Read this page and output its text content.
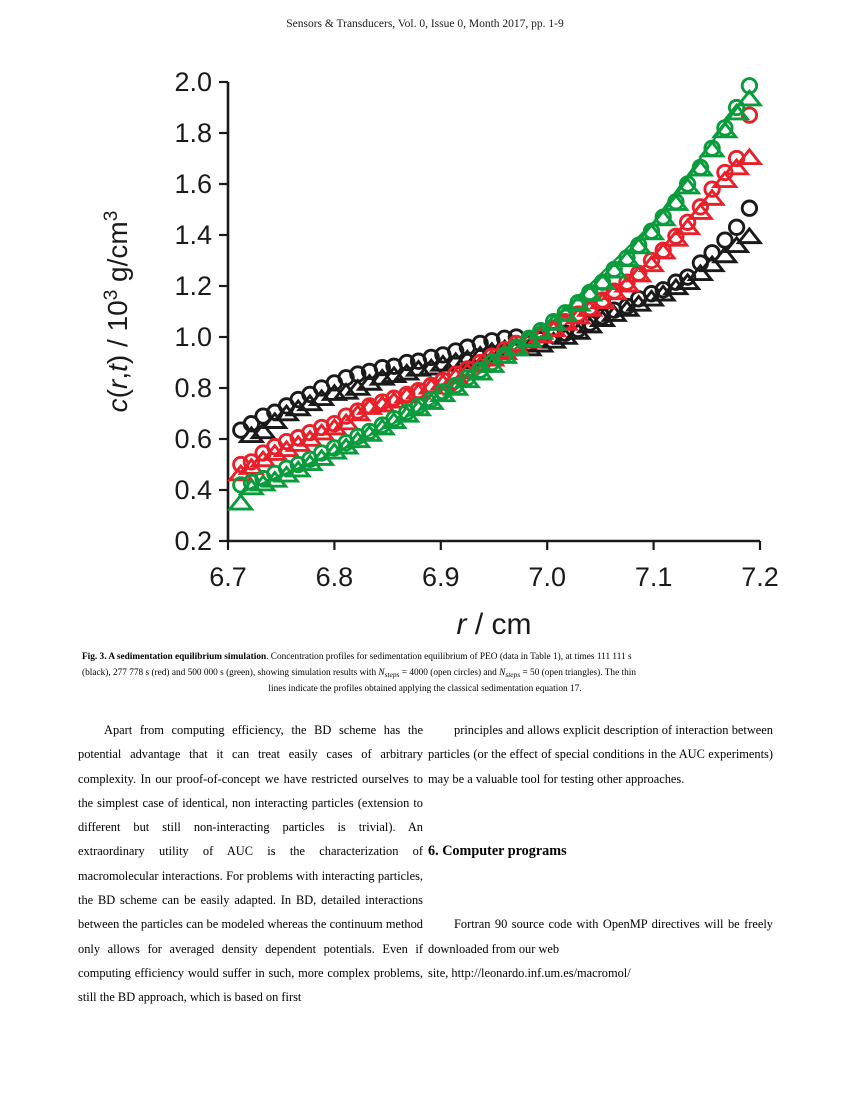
Sensors & Transducers, Vol. 0, Issue 0, Month 2017, pp. 1-9
0.2
0.4
0.6
0.8
1.0
1.2
1.4
1.6
1.8
2.0
6.7	6.8	6.9	7.0	7.1	7.2
r / cm
$c(r,t) / 10^3$ $g/cm^3$
Fig. 3. A sedimentation equilibrium simulation. Concentration profiles for sedimentation equilibrium of PEO (data in Table 1), at times 111 111 s
(black), 277 778 s (red) and 500 000 s (green), showing simulation results with $N_{steps} = 4000$ (open circles) and $N_{steps} = 50$ (open triangles). The thin
lines indicate the profiles obtained applying the classical sedimentation equation 17.

Apart from computing efficiency, the BD scheme has the potential advantage that it can treat easily cases of arbitrary complexity. In our proof-of-concept we have restricted ourselves to the simplest case of identical, non interacting particles (extension to different but still non-interacting particles is trivial). An extraordinary utility of AUC is the characterization of macromolecular interactions. For problems with interacting particles, the BD scheme can be easily adapted. In BD, detailed interactions between the particles can be modeled whereas the continuum method only allows for averaged density dependent potentials. Even if computing efficiency would suffer in such, more complex problems, still the BD approach, which is based on first

principles and allows explicit description of interaction between particles (or the effect of special conditions in the AUC experiments) may be a valuable tool for testing other approaches.

6. Computer programs

Fortran 90 source code with OpenMP directives will be freely downloaded from our web

site, http://leonardo.inf.um.es/macromol/
